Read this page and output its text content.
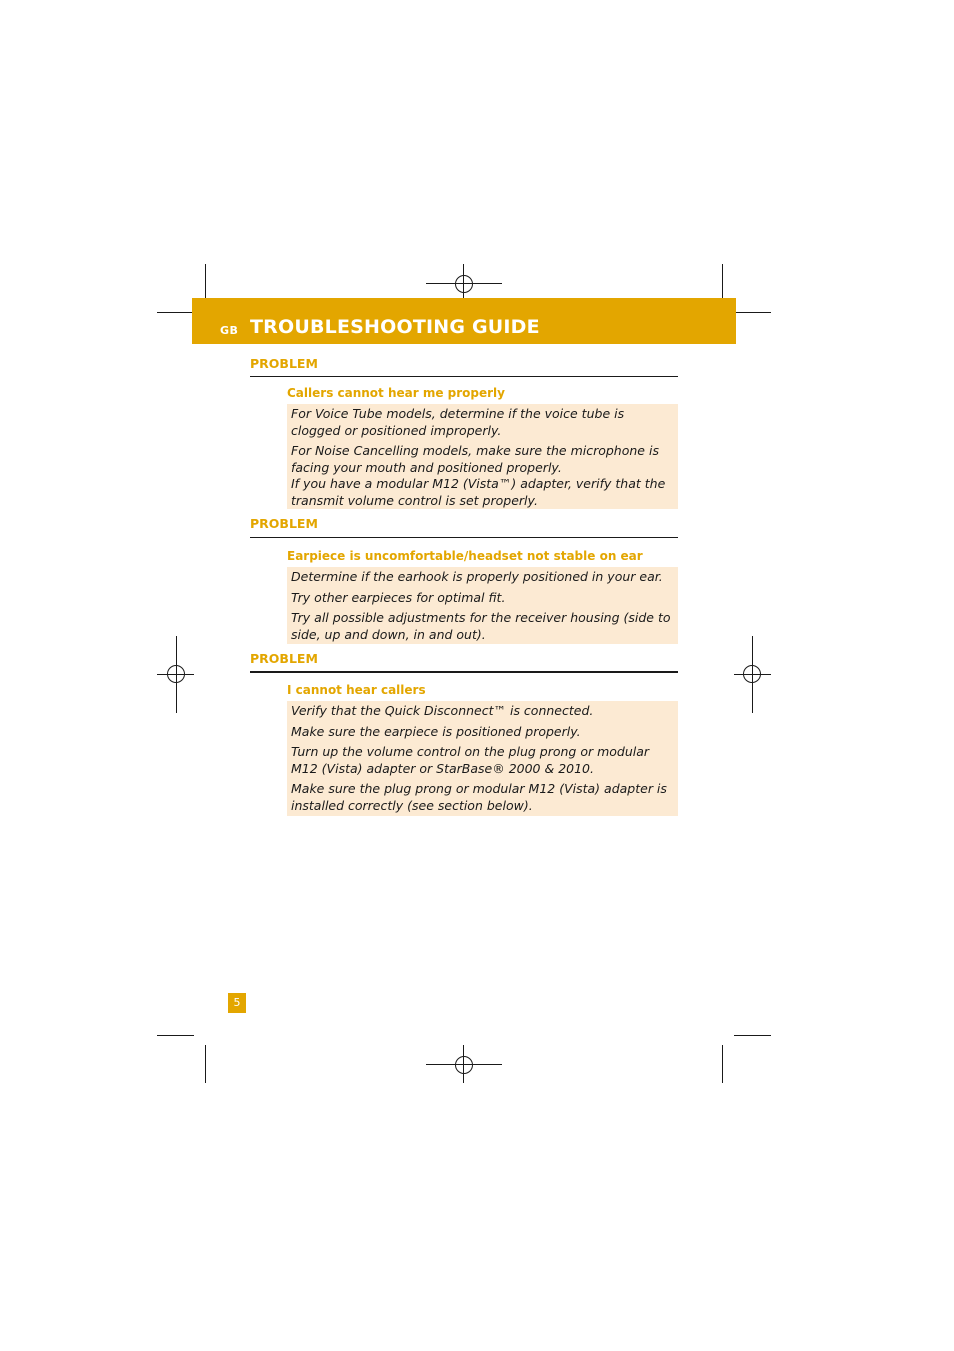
GB TROUBLESHOOTING GUIDE
PROBLEM
Callers cannot hear me properly

For Voice Tube models, determine if the voice tube is clogged or positioned improperly.

For Noise Cancelling models, make sure the microphone is facing your mouth and positioned properly.

If you have a modular M12 (Vista™) adapter, verify that the transmit volume control is set properly.

PROBLEM
Earpiece is uncomfortable/headset not stable on ear

Determine if the earhook is properly positioned in your ear.

Try other earpieces for optimal fit.

Try all possible adjustments for the receiver housing (side to side, up and down, in and out).

PROBLEM
I cannot hear callers

Verify that the Quick Disconnect™ is connected.

Make sure the earpiece is positioned properly.

Turn up the volume control on the plug prong or modular M12 (Vista) adapter or StarBase® 2000 & 2010.

Make sure the plug prong or modular M12 (Vista) adapter is installed correctly (see section below).

5
